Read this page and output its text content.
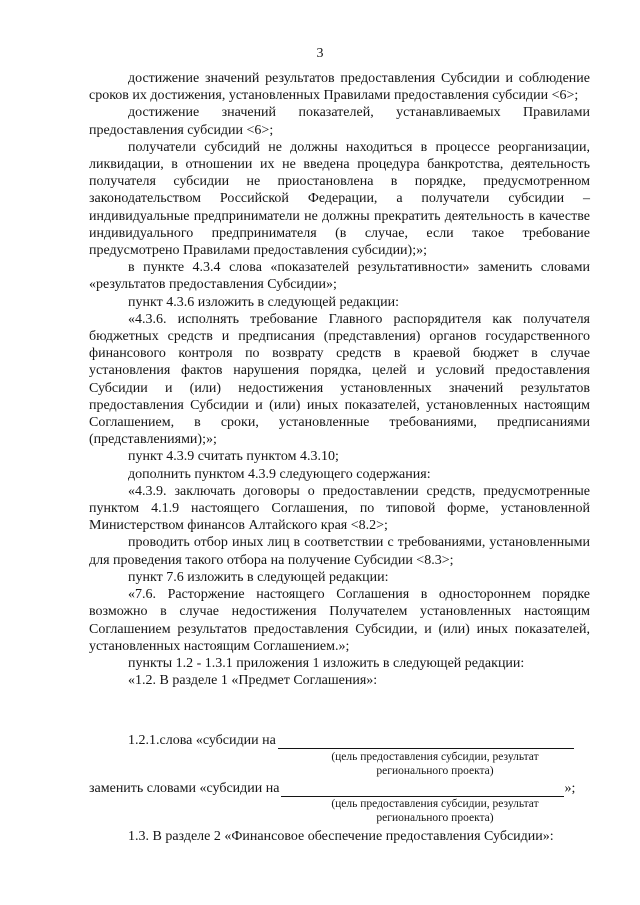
3

достижение значений результатов предоставления Субсидии и соблюдение сроков их достижения, установленных Правилами предоставления субсидии <6>;

достижение значений показателей, устанавливаемых Правилами предоставления субсидии <6>;

получатели субсидий не должны находиться в процессе реорганизации, ликвидации, в отношении их не введена процедура банкротства, деятельность получателя субсидии не приостановлена в порядке, предусмотренном законодательством Российской Федерации, а получатели субсидии – индивидуальные предприниматели не должны прекратить деятельность в качестве индивидуального предпринимателя (в случае, если такое требование предусмотрено Правилами предоставления субсидии);»;

в пункте 4.3.4 слова «показателей результативности» заменить словами «результатов предоставления Субсидии»;

пункт 4.3.6 изложить в следующей редакции:

«4.3.6. исполнять требование Главного распорядителя как получателя бюджетных средств и предписания (представления) органов государственного финансового контроля по возврату средств в краевой бюджет в случае установления фактов нарушения порядка, целей и условий предоставления Субсидии и (или) недостижения установленных значений результатов предоставления Субсидии и (или) иных показателей, установленных настоящим Соглашением, в сроки, установленные требованиями, предписаниями (представлениями);»;

пункт 4.3.9 считать пунктом 4.3.10;

дополнить пунктом 4.3.9 следующего содержания:

«4.3.9. заключать договоры о предоставлении средств, предусмотренные пунктом 4.1.9 настоящего Соглашения, по типовой форме, установленной Министерством финансов Алтайского края <8.2>;

проводить отбор иных лиц в соответствии с требованиями, установленными для проведения такого отбора на получение Субсидии <8.3>;

пункт 7.6 изложить в следующей редакции:

«7.6. Расторжение настоящего Соглашения в одностороннем порядке возможно в случае недостижения Получателем установленных настоящим Соглашением результатов предоставления Субсидии, и (или) иных показателей, установленных настоящим Соглашением.»;

пункты 1.2 - 1.3.1 приложения 1 изложить в следующей редакции:

«1.2. В разделе 1 «Предмет Соглашения»:

1.2.1.слова «субсидии на
(цель предоставления субсидии, результат
регионального проекта)
заменить словами «субсидии на	»;
(цель предоставления субсидии, результат
регионального проекта)
1.3. В разделе 2 «Финансовое обеспечение предоставления Субсидии»:
